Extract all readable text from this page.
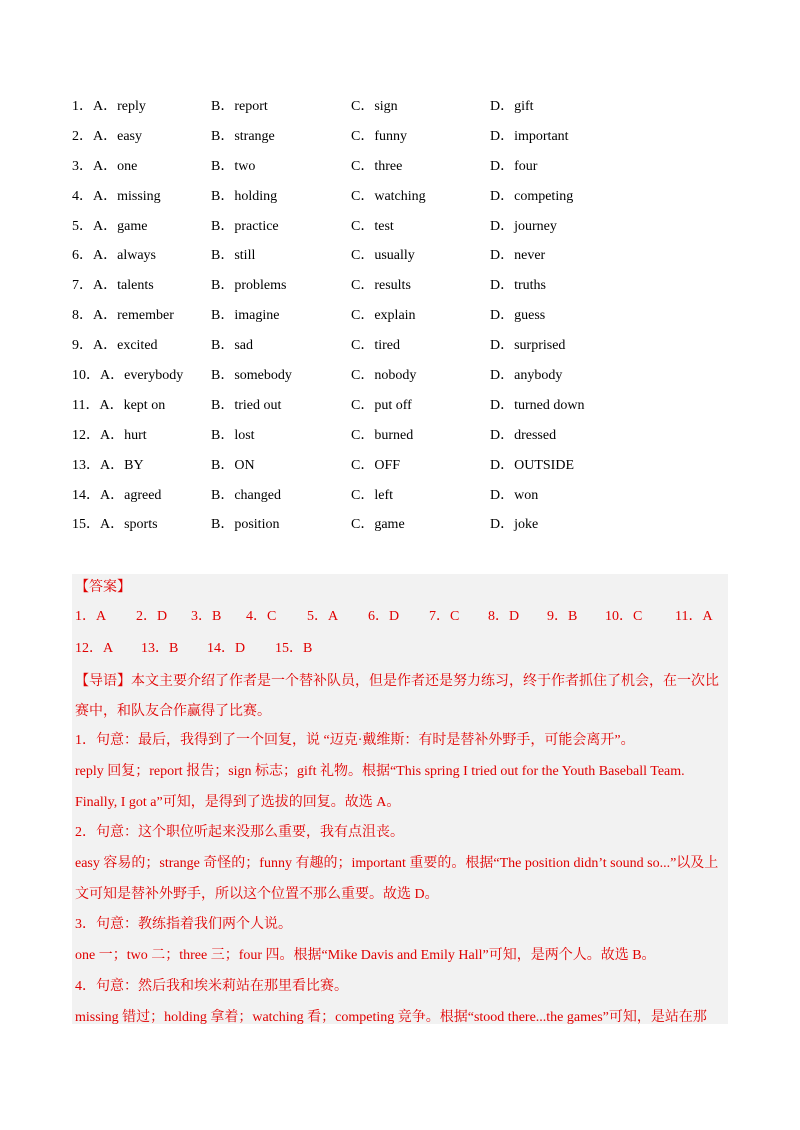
1．A．reply	B．report	C．sign	D．gift
2．A．easy	B．strange	C．funny	D．important
3．A．one	B．two	C．three	D．four
4．A．missing	B．holding	C．watching	D．competing
5．A．game	B．practice	C．test	D．journey
6．A．always	B．still	C．usually	D．never
7．A．talents	B．problems	C．results	D．truths
8．A．remember	B．imagine	C．explain	D．guess
9．A．excited	B．sad	C．tired	D．surprised
10．A．everybody B．somebody	C．nobody	D．anybody
11．A．kept on	B．tried out	C．put off	D．turned down
12．A．hurt	B．lost	C．burned	D．dressed
13．A．BY	B．ON	C．OFF	D．OUTSIDE
14．A．agreed	B．changed	C．left	D．won
15．A．sports	B．position	C．game	D．joke
【答案】
1．A 2．D 3．B 4．C 5．A 6．D 7．C 8．D 9．B 10．C 11．A
12．A 13．B 14．D 15．B
【导语】本文主要介绍了作者是一个替补队员，但是作者还是努力练习，终于作者抓住了机会，在一次比赛中，和队友合作赢得了比赛。
1．句意：最后，我得到了一个回复，说 “迈克·戴维斯：有时是替补外野手，可能会离开”。
reply 回复；report 报告；sign 标志；gift 礼物。根据“This spring I tried out for the Youth Baseball Team.
Finally, I got a”可知，是得到了选拔的回复。故选 A。
2．句意：这个职位听起来没那么重要，我有点沮丧。
easy 容易的；strange 奇怪的；funny 有趣的；important 重要的。根据“The position didn’t sound so...”以及上
文可知是替补外野手，所以这个位置不那么重要。故选 D。
3．句意：教练指着我们两个人说。
one 一；two 二；three 三；four 四。根据“Mike Davis and Emily Hall”可知，是两个人。故选 B。
4．句意：然后我和埃米莉站在那里看比赛。
missing 错过；holding 拿着；watching 看；competing 竞争。根据“stood there...the games”可知，是站在那
